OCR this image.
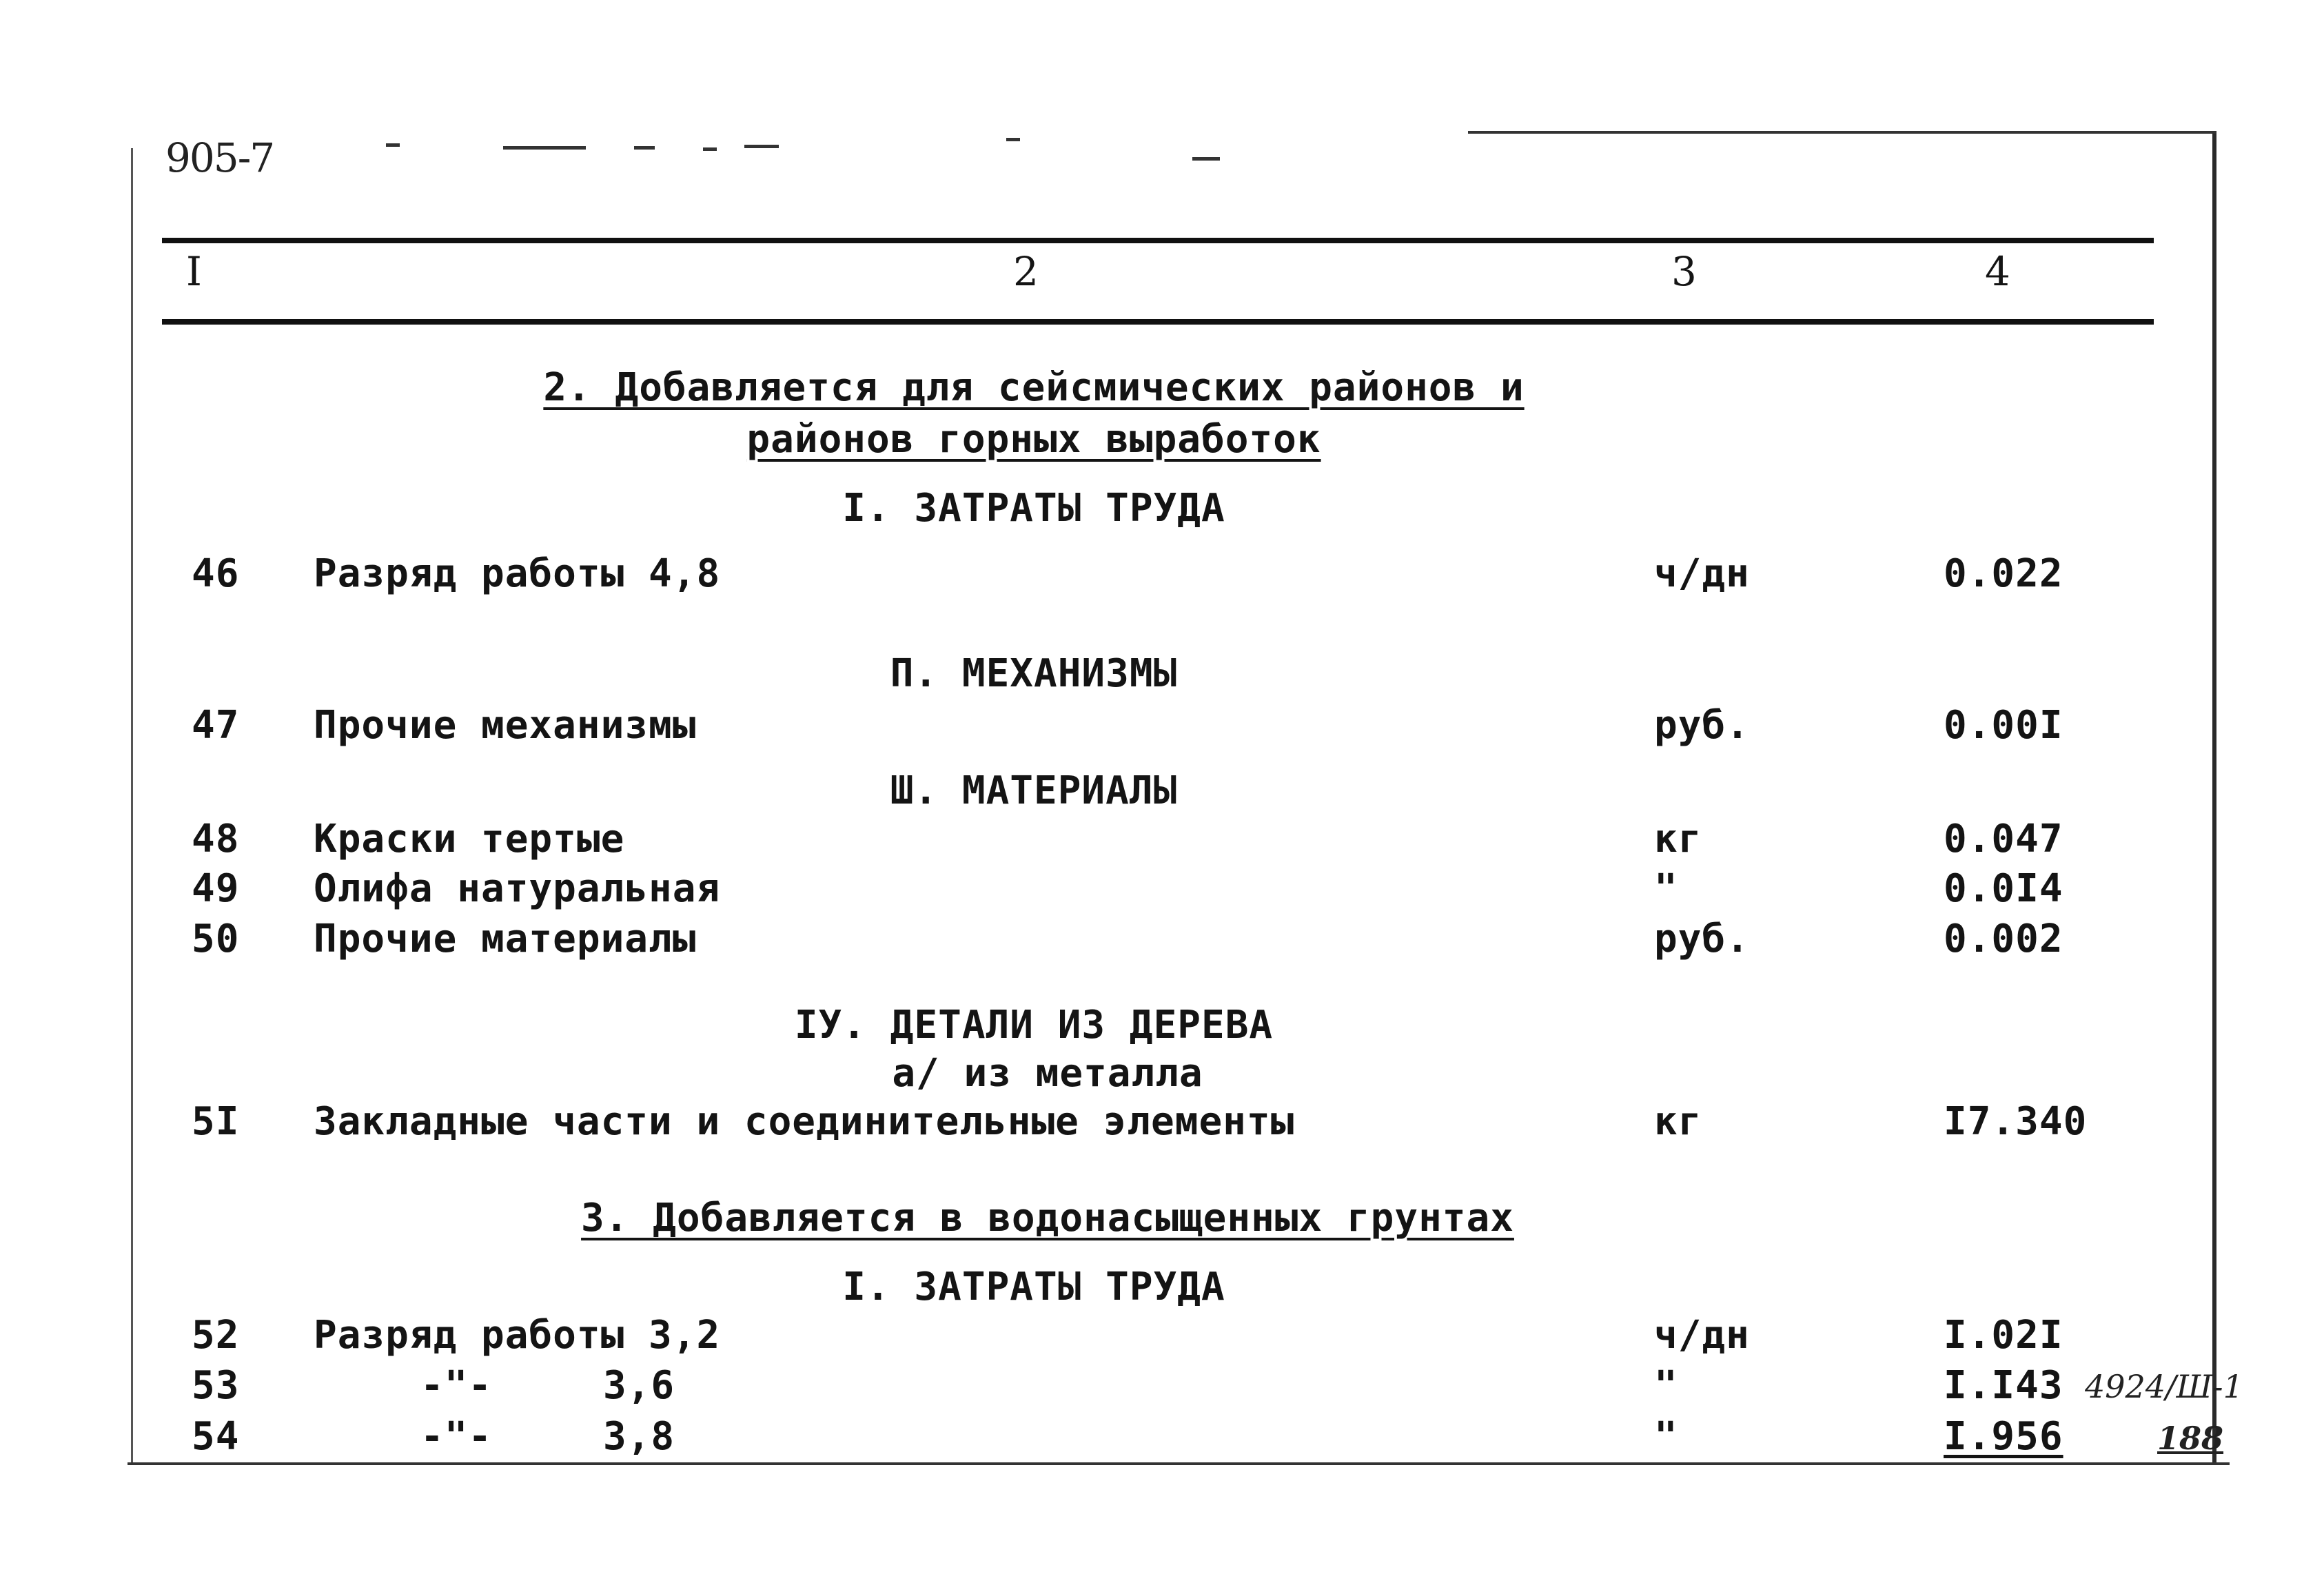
905-7
I	2	3	4
2. Добавляется для сейсмических районов и
районов горных выработок
I. ЗАТРАТЫ ТРУДА
46 Разряд работы 4,8	ч/дн	0.022
П. МЕХАНИЗМЫ
47 Прочие механизмы	руб.	0.00I
Ш. МАТЕРИАЛЫ
48 Краски тертые	кг	0.047
49 Олифа натуральная	"	0.0I4
50 Прочие материалы	руб.	0.002
IУ. ДЕТАЛИ ИЗ ДЕРЕВА
а/ из металла
5I Закладные части и соединительные элементы	кг	I7.340
3. Добавляется в водонасыщенных грунтах
I. ЗАТРАТЫ ТРУДА
52 Разряд работы 3,2	ч/дн	I.02I
53	-"-	3,6	"	I.I43
54	-"-	3,8	"	I.956
4924/Ш-1
188
